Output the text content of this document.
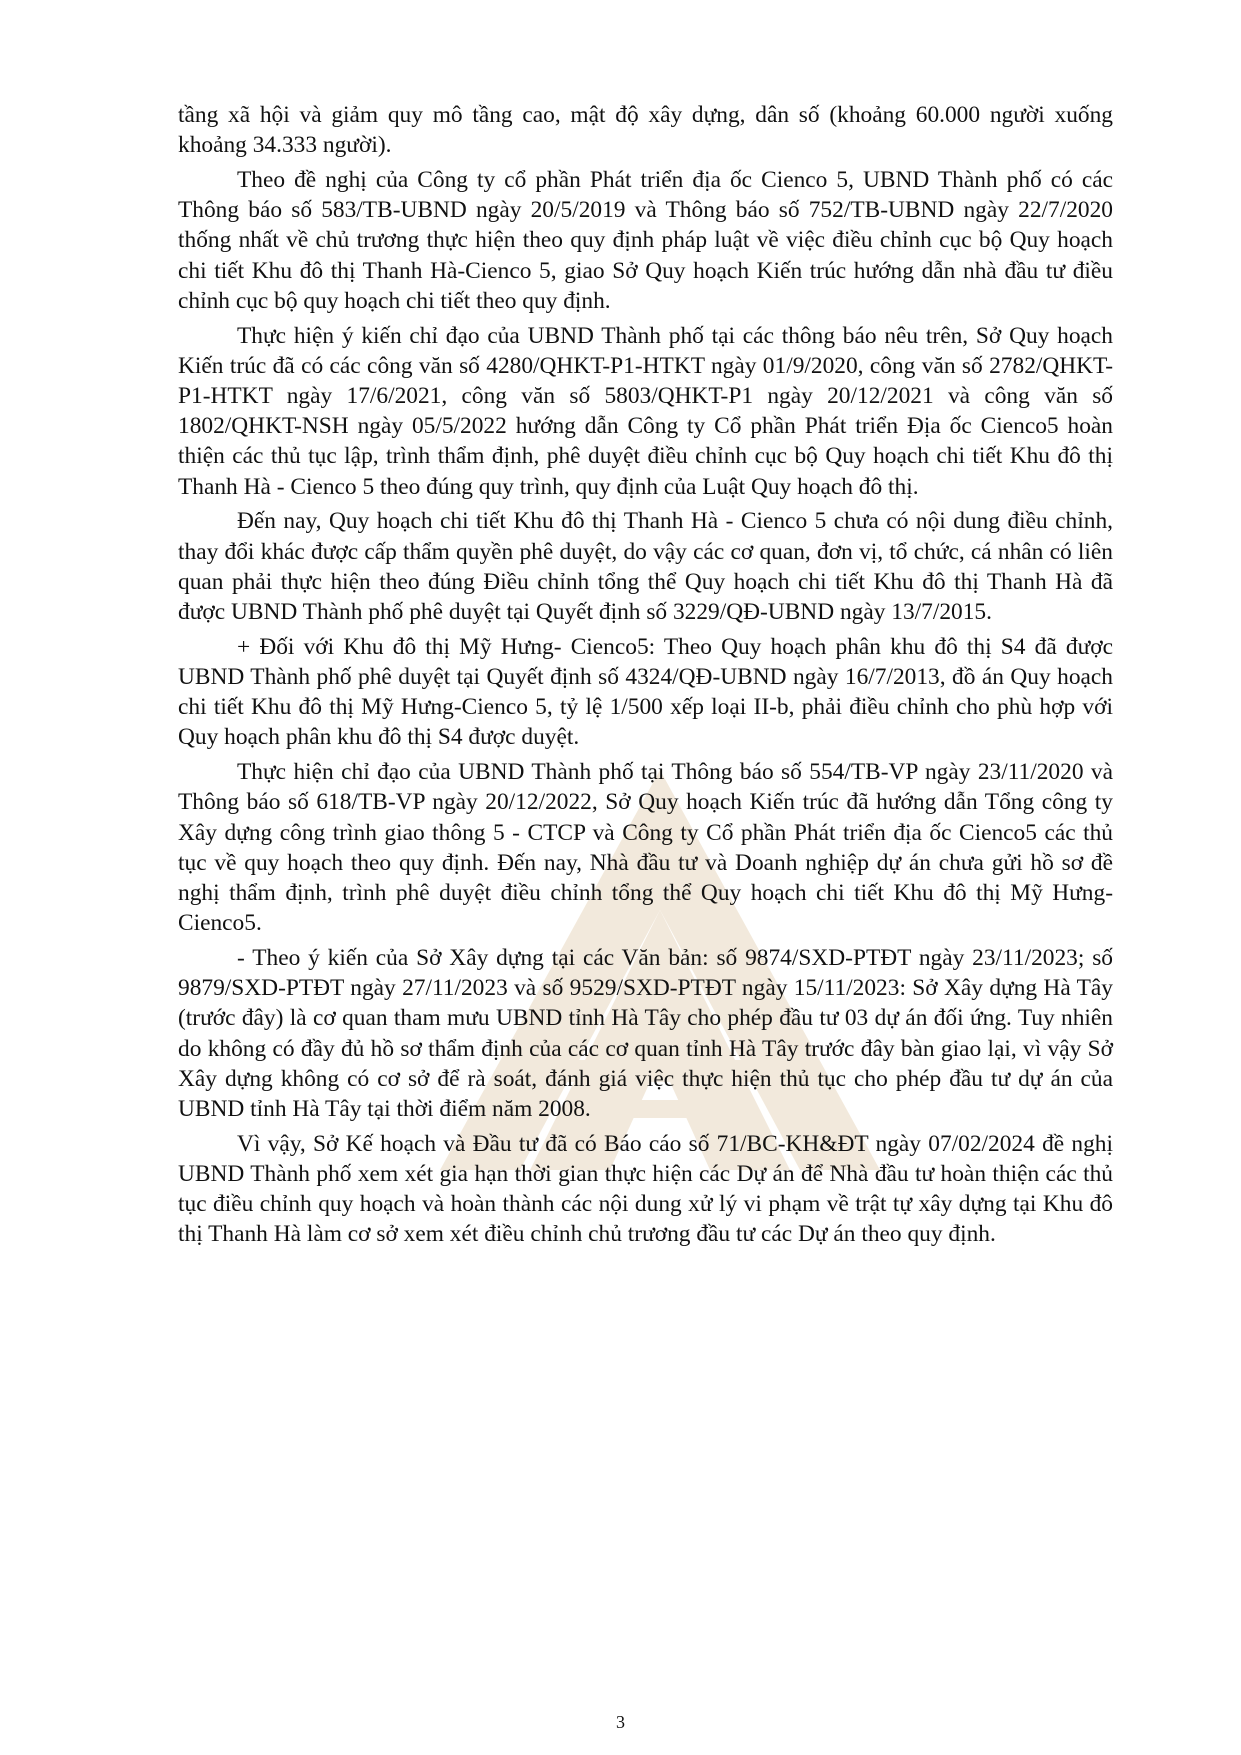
tầng xã hội và giảm quy mô tầng cao, mật độ xây dựng, dân số (khoảng 60.000 người xuống khoảng 34.333 người).

Theo đề nghị của Công ty cổ phần Phát triển địa ốc Cienco 5, UBND Thành phố có các Thông báo số 583/TB-UBND ngày 20/5/2019 và Thông báo số 752/TB-UBND ngày 22/7/2020 thống nhất về chủ trương thực hiện theo quy định pháp luật về việc điều chỉnh cục bộ Quy hoạch chi tiết Khu đô thị Thanh Hà-Cienco 5, giao Sở Quy hoạch Kiến trúc hướng dẫn nhà đầu tư điều chỉnh cục bộ quy hoạch chi tiết theo quy định.

Thực hiện ý kiến chỉ đạo của UBND Thành phố tại các thông báo nêu trên, Sở Quy hoạch Kiến trúc đã có các công văn số 4280/QHKT-P1-HTKT ngày 01/9/2020, công văn số 2782/QHKT-P1-HTKT ngày 17/6/2021, công văn số 5803/QHKT-P1 ngày 20/12/2021 và công văn số 1802/QHKT-NSH ngày 05/5/2022 hướng dẫn Công ty Cổ phần Phát triển Địa ốc Cienco5 hoàn thiện các thủ tục lập, trình thẩm định, phê duyệt điều chỉnh cục bộ Quy hoạch chi tiết Khu đô thị Thanh Hà - Cienco 5 theo đúng quy trình, quy định của Luật Quy hoạch đô thị.

Đến nay, Quy hoạch chi tiết Khu đô thị Thanh Hà - Cienco 5 chưa có nội dung điều chỉnh, thay đổi khác được cấp thẩm quyền phê duyệt, do vậy các cơ quan, đơn vị, tổ chức, cá nhân có liên quan phải thực hiện theo đúng Điều chỉnh tổng thể Quy hoạch chi tiết Khu đô thị Thanh Hà đã được UBND Thành phố phê duyệt tại Quyết định số 3229/QĐ-UBND ngày 13/7/2015.

+ Đối với Khu đô thị Mỹ Hưng- Cienco5: Theo Quy hoạch phân khu đô thị S4 đã được UBND Thành phố phê duyệt tại Quyết định số 4324/QĐ-UBND ngày 16/7/2013, đồ án Quy hoạch chi tiết Khu đô thị Mỹ Hưng-Cienco 5, tỷ lệ 1/500 xếp loại II-b, phải điều chỉnh cho phù hợp với Quy hoạch phân khu đô thị S4 được duyệt.

Thực hiện chỉ đạo của UBND Thành phố tại Thông báo số 554/TB-VP ngày 23/11/2020 và Thông báo số 618/TB-VP ngày 20/12/2022, Sở Quy hoạch Kiến trúc đã hướng dẫn Tổng công ty Xây dựng công trình giao thông 5 - CTCP và Công ty Cổ phần Phát triển địa ốc Cienco5 các thủ tục về quy hoạch theo quy định. Đến nay, Nhà đầu tư và Doanh nghiệp dự án chưa gửi hồ sơ đề nghị thẩm định, trình phê duyệt điều chỉnh tổng thể Quy hoạch chi tiết Khu đô thị Mỹ Hưng-Cienco5.

- Theo ý kiến của Sở Xây dựng tại các Văn bản: số 9874/SXD-PTĐT ngày 23/11/2023; số 9879/SXD-PTĐT ngày 27/11/2023 và số 9529/SXD-PTĐT ngày 15/11/2023: Sở Xây dựng Hà Tây (trước đây) là cơ quan tham mưu UBND tỉnh Hà Tây cho phép đầu tư 03 dự án đối ứng. Tuy nhiên do không có đầy đủ hồ sơ thẩm định của các cơ quan tỉnh Hà Tây trước đây bàn giao lại, vì vậy Sở Xây dựng không có cơ sở để rà soát, đánh giá việc thực hiện thủ tục cho phép đầu tư dự án của UBND tỉnh Hà Tây tại thời điểm năm 2008.

Vì vậy, Sở Kế hoạch và Đầu tư đã có Báo cáo số 71/BC-KH&ĐT ngày 07/02/2024 đề nghị UBND Thành phố xem xét gia hạn thời gian thực hiện các Dự án để Nhà đầu tư hoàn thiện các thủ tục điều chỉnh quy hoạch và hoàn thành các nội dung xử lý vi phạm về trật tự xây dựng tại Khu đô thị Thanh Hà làm cơ sở xem xét điều chỉnh chủ trương đầu tư các Dự án theo quy định.

3
